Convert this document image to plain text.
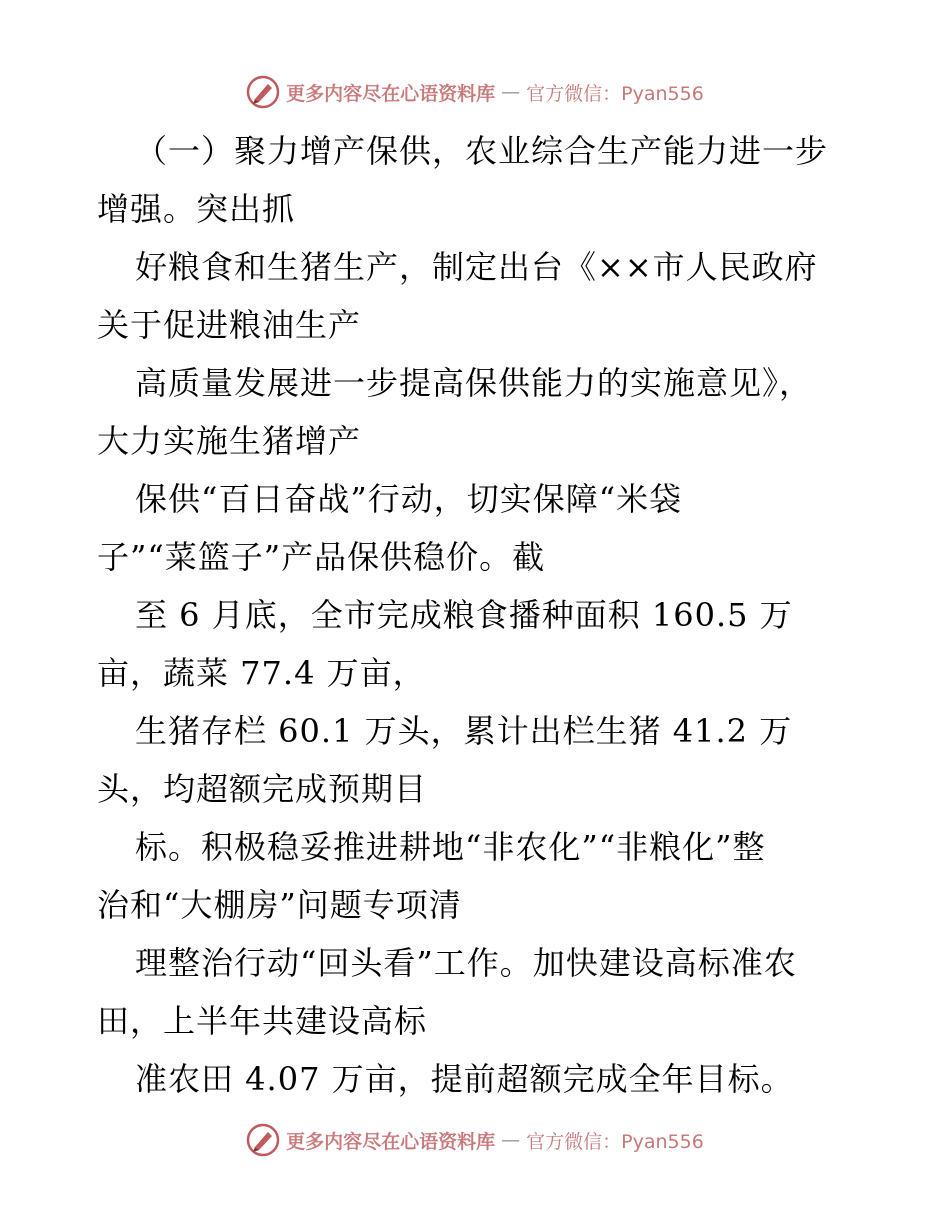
更多内容尽在心语资料库 — 官方微信：Pyan556
（一）聚力增产保供，农业综合生产能力进一步
增强。突出抓
好粮食和生猪生产，制定出台《××市人民政府
关于促进粮油生产
高质量发展进一步提高保供能力的实施意见》，
大力实施生猪增产
保供“百日奋战”行动，切实保障“米袋
子”“菜篮子”产品保供稳价。截
至 6 月底，全市完成粮食播种面积 160.5 万
亩，蔬菜 77.4 万亩，
生猪存栏 60.1 万头，累计出栏生猪 41.2 万
头，均超额完成预期目
标。积极稳妥推进耕地“非农化”“非粮化”整
治和“大棚房”问题专项清
理整治行动“回头看”工作。加快建设高标准农
田，上半年共建设高标
准农田 4.07 万亩，提前超额完成全年目标。
更多内容尽在心语资料库 — 官方微信：Pyan556
